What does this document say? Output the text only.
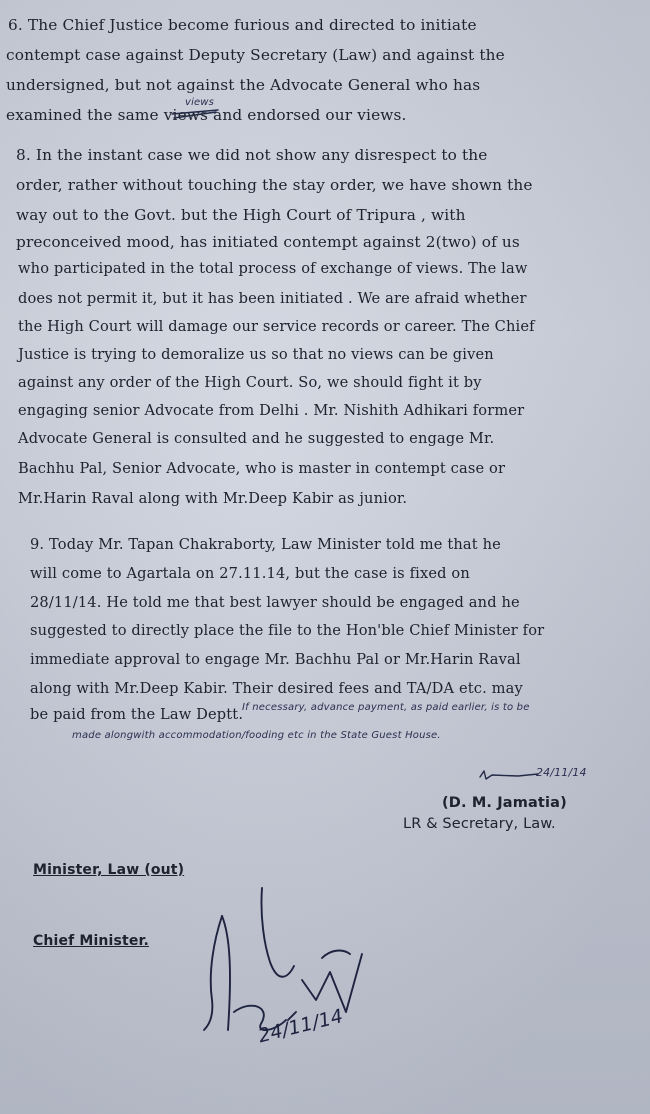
6. The Chief Justice become furious and directed to initiate
contempt case against Deputy Secretary (Law) and against the
undersigned, but not against the Advocate General who has
examined the same views and endorsed our views.
views
8. In the instant case we did not show any disrespect to the
order, rather without touching the stay order, we have shown the
way out to the Govt. but the High Court of Tripura , with
preconceived mood, has initiated contempt against 2(two) of us
who participated in the total process of exchange of views. The law
does not permit it, but it has been initiated . We are afraid whether
the High Court will damage our service records or career. The Chief
Justice is trying to demoralize us so that no views can be given
against any order of the High Court. So, we should fight it by
engaging senior Advocate from Delhi . Mr. Nishith Adhikari former
Advocate General is consulted and he suggested to engage Mr.
Bachhu Pal, Senior Advocate, who is master in contempt case or
Mr.Harin Raval along with Mr.Deep Kabir as junior.
9. Today Mr. Tapan Chakraborty, Law Minister told me that he
will come to Agartala on 27.11.14, but the case is fixed on
28/11/14. He told me that best lawyer should be engaged and he
suggested to directly place the file to the Hon'ble Chief Minister for
immediate approval to engage Mr. Bachhu Pal or Mr.Harin Raval
along with Mr.Deep Kabir. Their desired fees and TA/DA etc. may
be paid from the Law Deptt.
If necessary, advance payment, as paid earlier, is to be
made alongwith accommodation/fooding etc in the State Guest House.
24/11/14
(D. M. Jamatia)
LR & Secretary, Law.
Minister, Law (out)
Chief Minister.
24/11/14
